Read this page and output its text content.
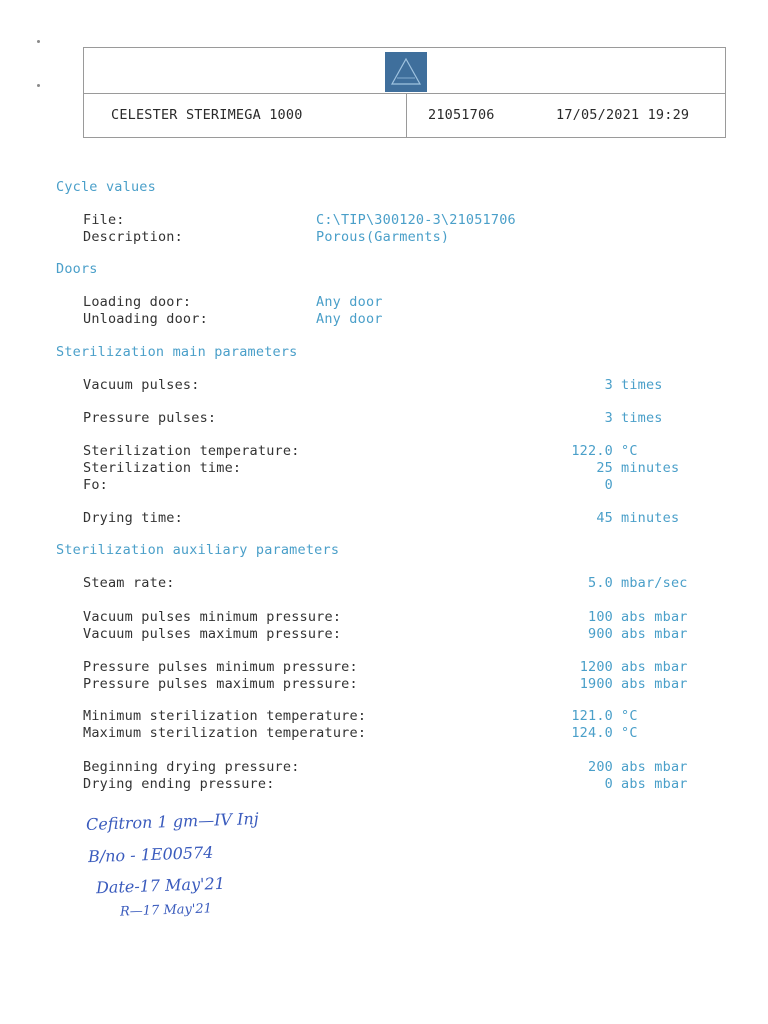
CELESTER STERIMEGA 1000	21051706	17/05/2021 19:29
Cycle values
File:	C:\TIP\300120-3\21051706
Description:	Porous(Garments)
Doors
Loading door:	Any door
Unloading door:	Any door
Sterilization main parameters
Vacuum pulses:	3 times
Pressure pulses:	3 times
Sterilization temperature:	122.0 °C
Sterilization time:	25 minutes
Fo:	0
Drying time:	45 minutes
Sterilization auxiliary parameters
Steam rate:	5.0 mbar/sec
Vacuum pulses minimum pressure:	100 abs mbar
Vacuum pulses maximum pressure:	900 abs mbar
Pressure pulses minimum pressure:	1200 abs mbar
Pressure pulses maximum pressure:	1900 abs mbar
Minimum sterilization temperature:	121.0 °C
Maximum sterilization temperature:	124.0 °C
Beginning drying pressure:	200 abs mbar
Drying ending pressure:	0 abs mbar
Cefitron 1 gm—IV Inj
B/no - 1E00574
Date-17 May'21
R—17 May'21
